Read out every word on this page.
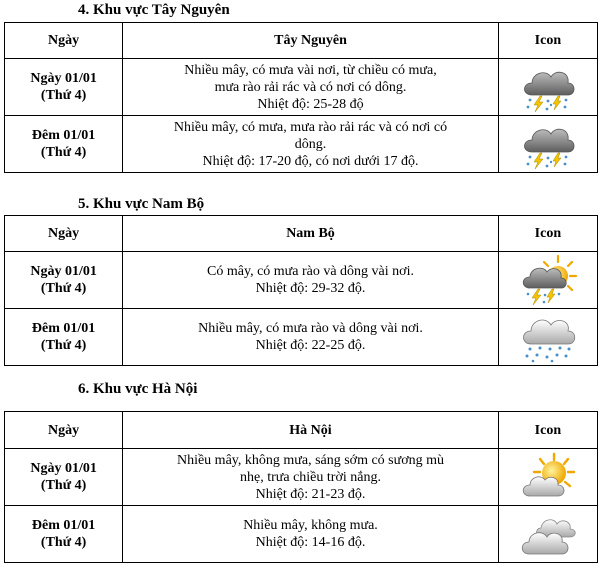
4. Khu vực Tây Nguyên
Ngày	Tây Nguyên	Icon

Ngày 01/01
(Thứ 4)	Nhiều mây, có mưa vài nơi, từ chiều có mưa,
mưa rào rải rác và có nơi có dông.
Nhiệt độ: 25-28 độ

Đêm 01/01
(Thứ 4)	Nhiều mây, có mưa, mưa rào rải rác và có nơi có
dông.
Nhiệt độ: 17-20 độ, có nơi dưới 17 độ.

5. Khu vực Nam Bộ
Ngày	Nam Bộ	Icon

Ngày 01/01
(Thứ 4)	Có mây, có mưa rào và dông vài nơi.
Nhiệt độ: 29-32 độ.

Đêm 01/01
(Thứ 4)	Nhiều mây, có mưa rào và dông vài nơi.
Nhiệt độ: 22-25 độ.

6. Khu vực Hà Nội
Ngày	Hà Nội	Icon

Ngày 01/01
(Thứ 4)	Nhiều mây, không mưa, sáng sớm có sương mù
nhẹ, trưa chiều trời nắng.
Nhiệt độ: 21-23 độ.

Đêm 01/01
(Thứ 4)	Nhiều mây, không mưa.
Nhiệt độ: 14-16 độ.
